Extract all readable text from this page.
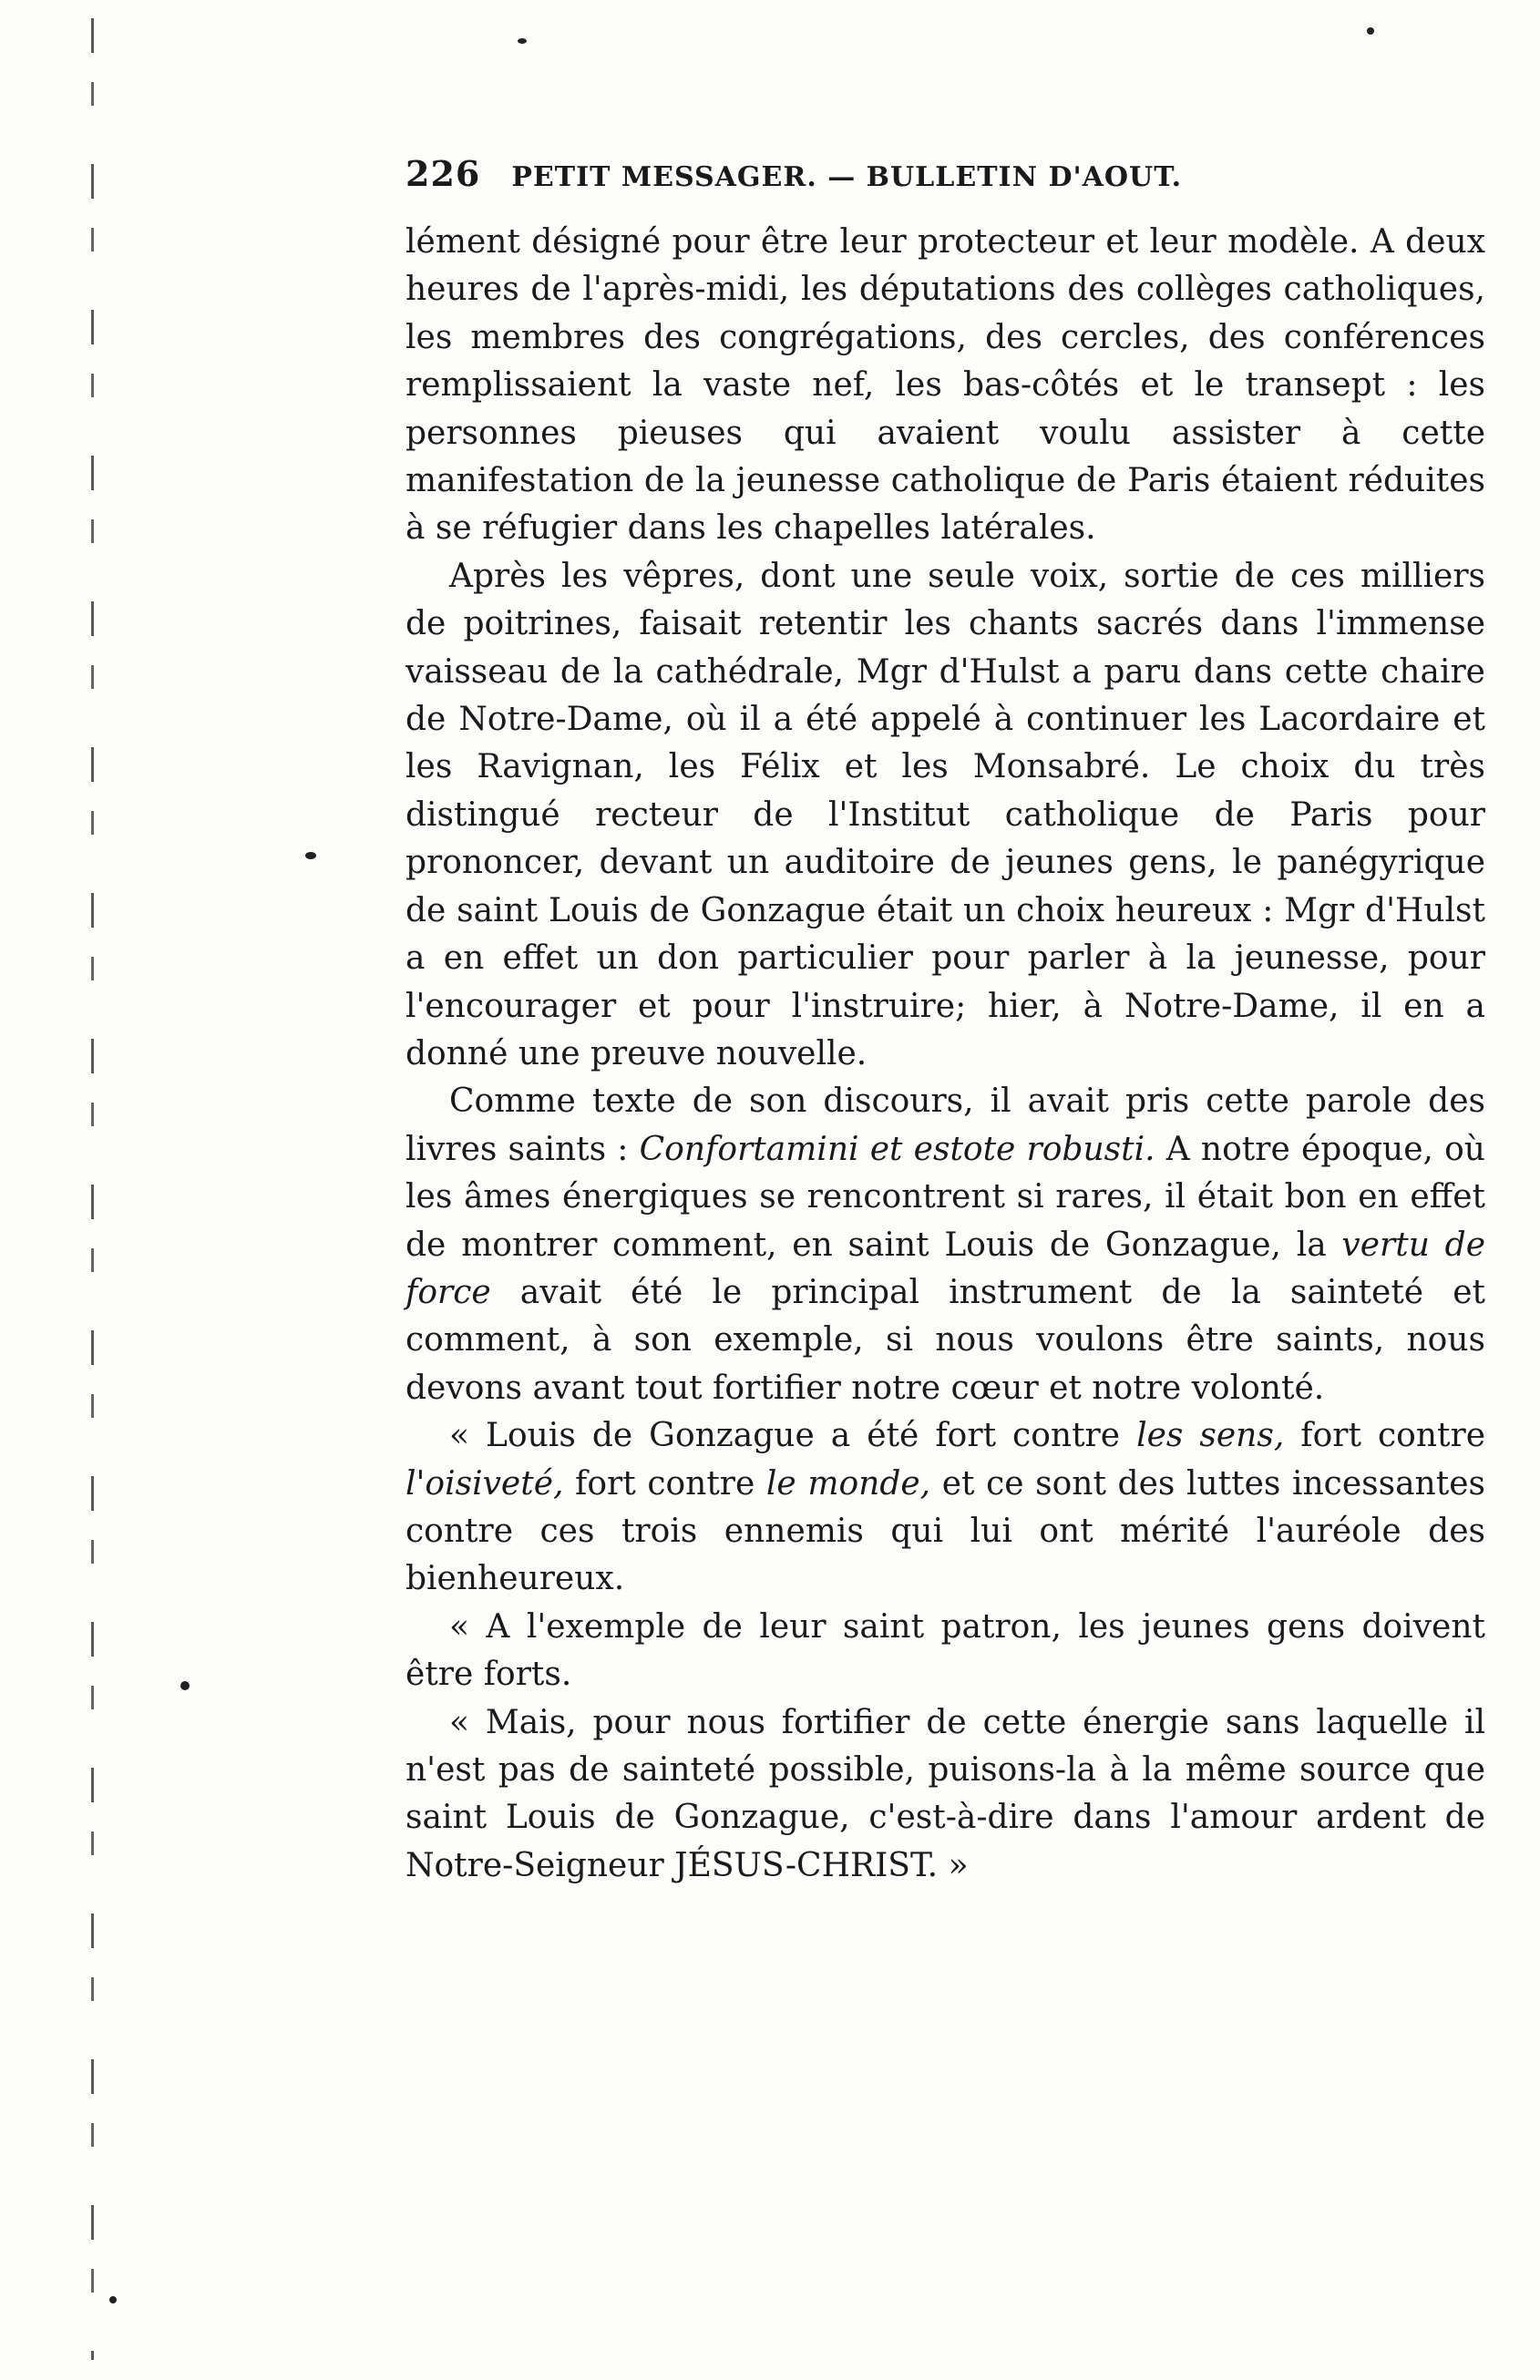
226 PETIT MESSAGER. — BULLETIN D'AOUT.

lément désigné pour être leur protecteur et leur modèle. A deux heures de l'après-midi, les députations des collèges catholiques, les membres des congrégations, des cercles, des conférences remplissaient la vaste nef, les bas-côtés et le transept : les personnes pieuses qui avaient voulu assister à cette manifestation de la jeunesse catholique de Paris étaient réduites à se réfugier dans les chapelles latérales.

Après les vêpres, dont une seule voix, sortie de ces milliers de poitrines, faisait retentir les chants sacrés dans l'immense vaisseau de la cathédrale, Mgr d'Hulst a paru dans cette chaire de Notre-Dame, où il a été appelé à continuer les Lacordaire et les Ravignan, les Félix et les Monsabré. Le choix du très distingué recteur de l'Institut catholique de Paris pour prononcer, devant un auditoire de jeunes gens, le panégyrique de saint Louis de Gonzague était un choix heureux : Mgr d'Hulst a en effet un don particulier pour parler à la jeunesse, pour l'encourager et pour l'instruire; hier, à Notre-Dame, il en a donné une preuve nouvelle.

Comme texte de son discours, il avait pris cette parole des livres saints : Confortamini et estote robusti. A notre époque, où les âmes énergiques se rencontrent si rares, il était bon en effet de montrer comment, en saint Louis de Gonzague, la vertu de force avait été le principal instrument de la sainteté et comment, à son exemple, si nous voulons être saints, nous devons avant tout fortifier notre cœur et notre volonté.

« Louis de Gonzague a été fort contre les sens, fort contre l'oisiveté, fort contre le monde, et ce sont des luttes incessantes contre ces trois ennemis qui lui ont mérité l'auréole des bienheureux.

« A l'exemple de leur saint patron, les jeunes gens doivent être forts.

« Mais, pour nous fortifier de cette énergie sans laquelle il n'est pas de sainteté possible, puisons-la à la même source que saint Louis de Gonzague, c'est-à-dire dans l'amour ardent de Notre-Seigneur JÉSUS-CHRIST. »
